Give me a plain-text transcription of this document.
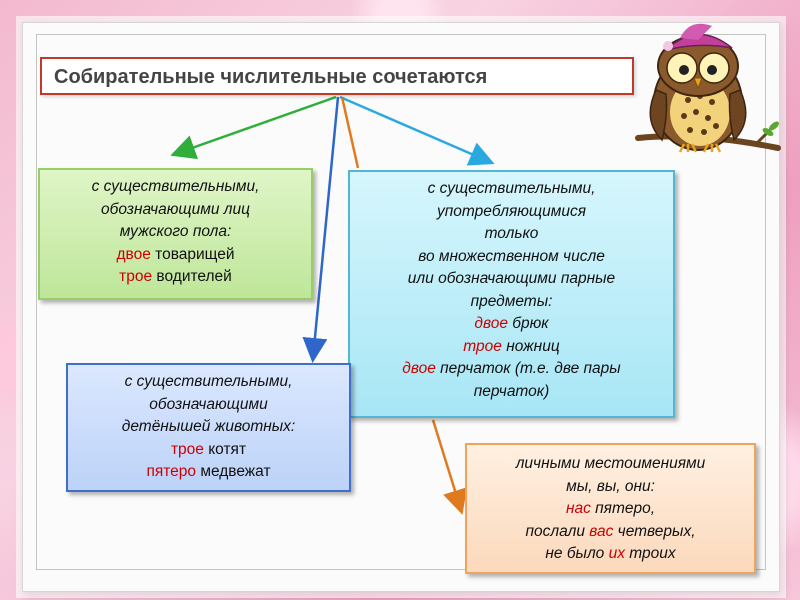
Собирательные числительные сочетаются
с существительными,
обозначающими лиц
мужского пола:
двое товарищей
трое водителей
с существительными,
употребляющимися
только
во множественном числе
или обозначающими парные
предметы:
двое брюк
трое ножниц
двое перчаток (т.е. две пары
перчаток)
с существительными,
обозначающими
детёнышей животных:
трое котят
пятеро медвежат	личными местоимениями
мы, вы, они:
нас пятеро,
послали вас четверых,
не было их троих
